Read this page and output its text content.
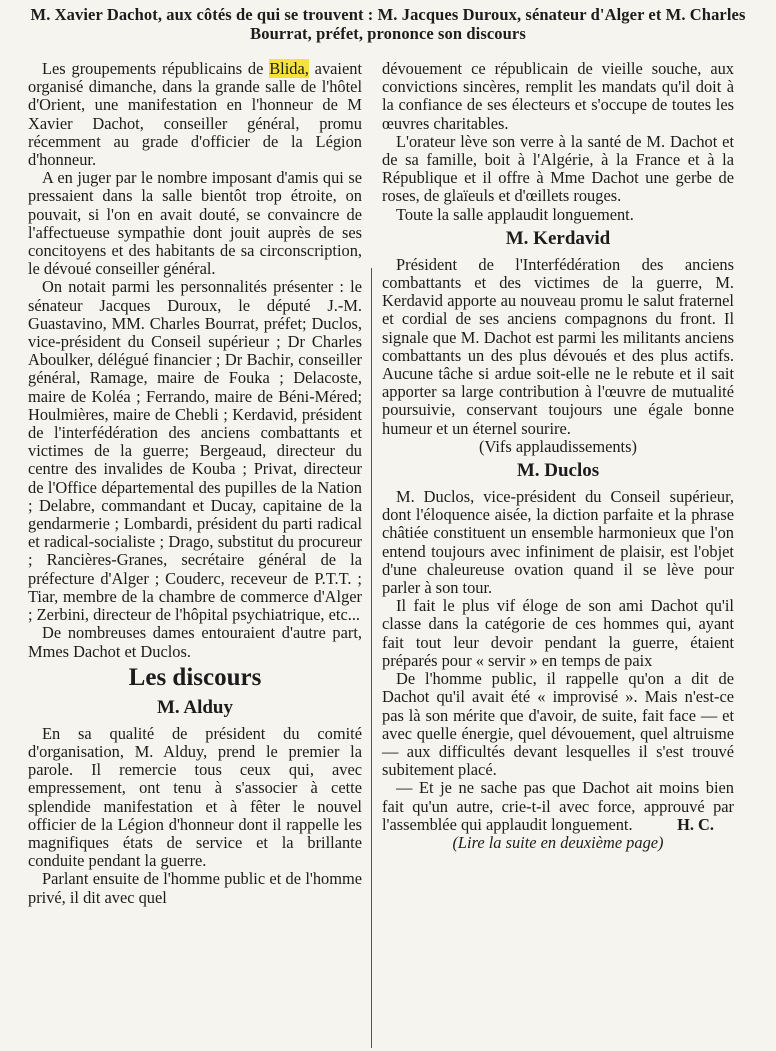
M. Xavier Dachot, aux côtés de qui se trouvent : M. Jacques Duroux, sénateur d'Alger et M. Charles Bourrat, préfet, prononce son discours

Les groupements républicains de Blida, avaient organisé dimanche, dans la grande salle de l'hôtel d'Orient, une manifestation en l'honneur de M Xavier Dachot, conseiller général, promu récemment au grade d'officier de la Légion d'honneur.

A en juger par le nombre imposant d'amis qui se pressaient dans la salle bientôt trop étroite, on pouvait, si l'on en avait douté, se convaincre de l'affectueuse sympathie dont jouit auprès de ses concitoyens et des habitants de sa circonscription, le dévoué conseiller général.

On notait parmi les personnalités présenter : le sénateur Jacques Duroux, le député J.-M. Guastavino, MM. Charles Bourrat, préfet; Duclos, vice-président du Conseil supérieur ; Dr Charles Aboulker, délégué financier ; Dr Bachir, conseiller général, Ramage, maire de Fouka ; Delacoste, maire de Koléa ; Ferrando, maire de Béni-Méred; Houlmières, maire de Chebli ; Kerdavid, président de l'interfédération des anciens combattants et victimes de la guerre; Bergeaud, directeur du centre des invalides de Kouba ; Privat, directeur de l'Office départemental des pupilles de la Nation ; Delabre, commandant et Ducay, capitaine de la gendarmerie ; Lombardi, président du parti radical et radical-socialiste ; Drago, substitut du procureur ; Rancières-Granes, secrétaire général de la préfecture d'Alger ; Couderc, receveur de P.T.T. ; Tiar, membre de la chambre de commerce d'Alger ; Zerbini, directeur de l'hôpital psychiatrique, etc...

De nombreuses dames entouraient d'autre part, Mmes Dachot et Duclos.

Les discours
M. Alduy

En sa qualité de président du comité d'organisation, M. Alduy, prend le premier la parole. Il remercie tous ceux qui, avec empressement, ont tenu à s'associer à cette splendide manifestation et à fêter le nouvel officier de la Légion d'honneur dont il rappelle les magnifiques états de service et la brillante conduite pendant la guerre.

Parlant ensuite de l'homme public et de l'homme privé, il dit avec quel

dévouement ce républicain de vieille souche, aux convictions sincères, remplit les mandats qu'il doit à la confiance de ses électeurs et s'occupe de toutes les œuvres charitables.

L'orateur lève son verre à la santé de M. Dachot et de sa famille, boit à l'Algérie, à la France et à la République et il offre à Mme Dachot une gerbe de roses, de glaïeuls et d'œillets rouges.

Toute la salle applaudit longuement.

M. Kerdavid

Président de l'Interfédération des anciens combattants et des victimes de la guerre, M. Kerdavid apporte au nouveau promu le salut fraternel et cordial de ses anciens compagnons du front. Il signale que M. Dachot est parmi les militants anciens combattants un des plus dévoués et des plus actifs. Aucune tâche si ardue soit-elle ne le rebute et il sait apporter sa large contribution à l'œuvre de mutualité poursuivie, conservant toujours une égale bonne humeur et un éternel sourire.

(Vifs applaudissements)

M. Duclos

M. Duclos, vice-président du Conseil supérieur, dont l'éloquence aisée, la diction parfaite et la phrase châtiée constituent un ensemble harmonieux que l'on entend toujours avec infiniment de plaisir, est l'objet d'une chaleureuse ovation quand il se lève pour parler à son tour.

Il fait le plus vif éloge de son ami Dachot qu'il classe dans la catégorie de ces hommes qui, ayant fait tout leur devoir pendant la guerre, étaient préparés pour « servir » en temps de paix

De l'homme public, il rappelle qu'on a dit de Dachot qu'il avait été « improvisé ». Mais n'est-ce pas là son mérite que d'avoir, de suite, fait face — et avec quelle énergie, quel dévouement, quel altruisme — aux difficultés devant lesquelles il s'est trouvé subitement placé.

— Et je ne sache pas que Dachot ait moins bien fait qu'un autre, crie-t-il avec force, approuvé par l'assemblée qui applaudit longuement.	H. C.

(Lire la suite en deuxième page)
